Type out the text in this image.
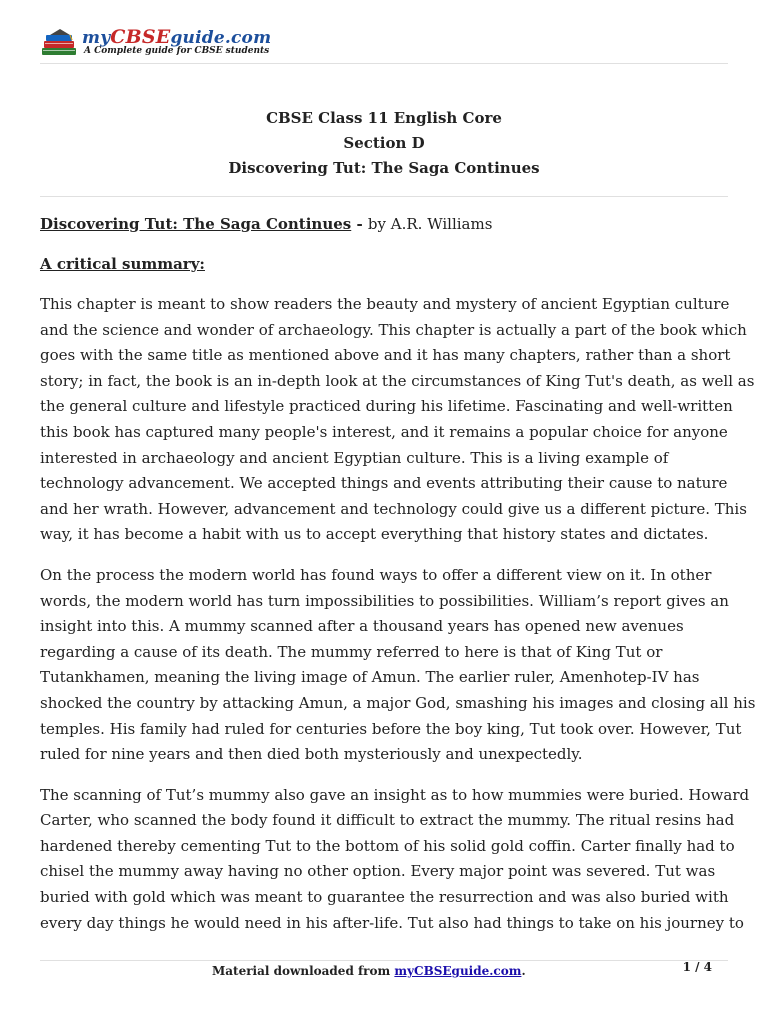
myCBSEguide.com
A Complete guide for CBSE students
CBSE Class 11 English Core
Section D
Discovering Tut: The Saga Continues
Discovering Tut: The Saga Continues - by A.R. Williams
A critical summary:
This chapter is meant to show readers the beauty and mystery of ancient Egyptian culture
and the science and wonder of archaeology. This chapter is actually a part of the book which
goes with the same title as mentioned above and it has many chapters, rather than a short
story; in fact, the book is an in-depth look at the circumstances of King Tut's death, as well as
the general culture and lifestyle practiced during his lifetime. Fascinating and well-written
this book has captured many people's interest, and it remains a popular choice for anyone
interested in archaeology and ancient Egyptian culture. This is a living example of
technology advancement. We accepted things and events attributing their cause to nature
and her wrath. However, advancement and technology could give us a different picture. This
way, it has become a habit with us to accept everything that history states and dictates.
On the process the modern world has found ways to offer a different view on it. In other
words, the modern world has turn impossibilities to possibilities. William’s report gives an
insight into this. A mummy scanned after a thousand years has opened new avenues
regarding a cause of its death. The mummy referred to here is that of King Tut or
Tutankhamen, meaning the living image of Amun. The earlier ruler, Amenhotep-IV has
shocked the country by attacking Amun, a major God, smashing his images and closing all his
temples. His family had ruled for centuries before the boy king, Tut took over. However, Tut
ruled for nine years and then died both mysteriously and unexpectedly.
The scanning of Tut’s mummy also gave an insight as to how mummies were buried. Howard
Carter, who scanned the body found it difficult to extract the mummy. The ritual resins had
hardened thereby cementing Tut to the bottom of his solid gold coffin. Carter finally had to
chisel the mummy away having no other option. Every major point was severed. Tut was
buried with gold which was meant to guarantee the resurrection and was also buried with
every day things he would need in his after-life. Tut also had things to take on his journey to
Material downloaded from myCBSEguide.com.	1 / 4
